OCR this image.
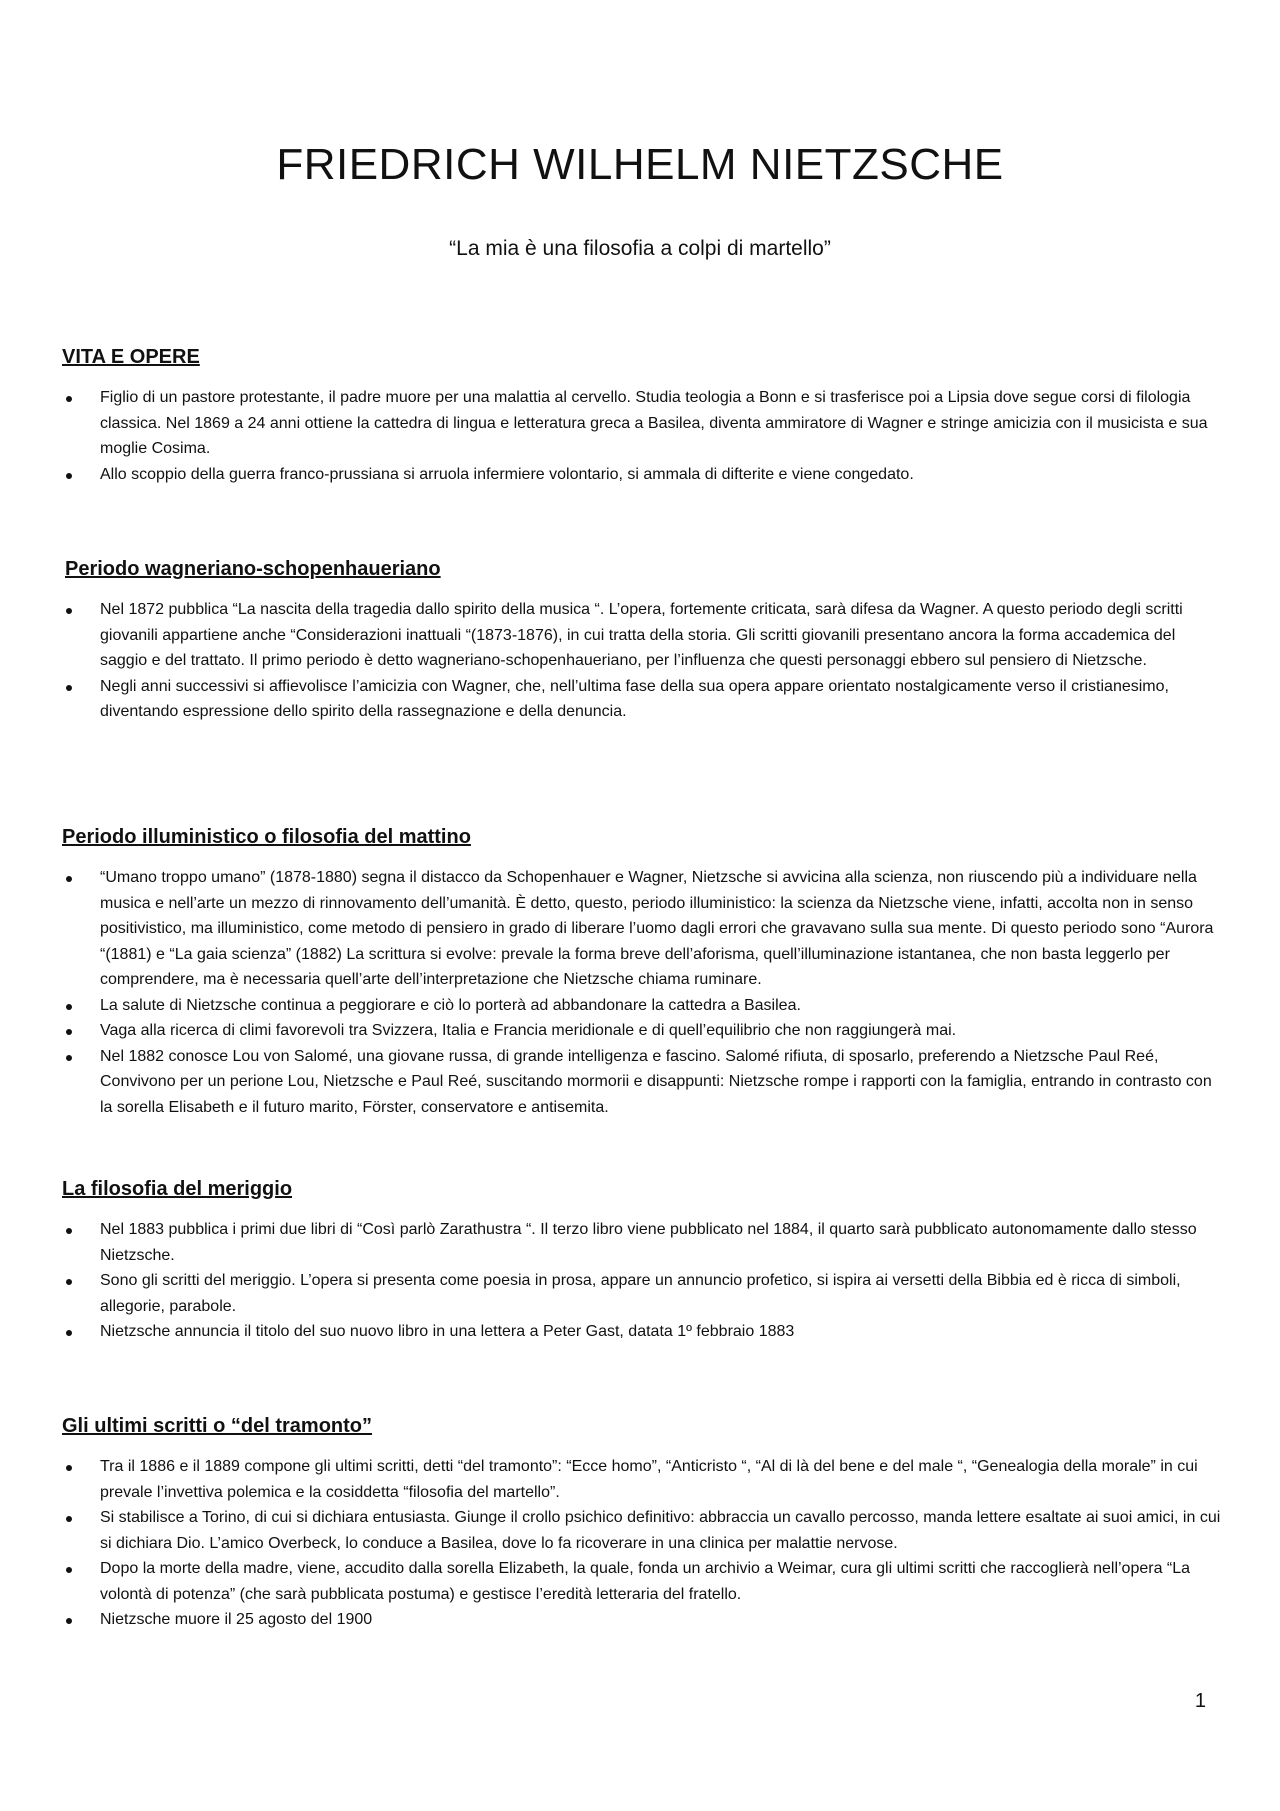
FRIEDRICH WILHELM NIETZSCHE

“La mia è una filosofia a colpi di martello”

VITA E OPERE
Figlio di un pastore protestante, il padre muore per una malattia al cervello. Studia teologia a Bonn e si trasferisce poi a Lipsia dove segue corsi di filologia classica. Nel 1869 a 24 anni ottiene la cattedra di lingua e letteratura greca a Basilea, diventa ammiratore di Wagner e stringe amicizia con il musicista e sua moglie Cosima.
Allo scoppio della guerra franco-prussiana si arruola infermiere volontario, si ammala di difterite e viene congedato.
Periodo wagneriano-schopenhaueriano
Nel 1872 pubblica “La nascita della tragedia dallo spirito della musica “. L’opera, fortemente criticata, sarà difesa da Wagner. A questo periodo degli scritti giovanili appartiene anche “Considerazioni inattuali “(1873-1876), in cui tratta della storia. Gli scritti giovanili presentano ancora la forma accademica del saggio e del trattato. Il primo periodo è detto wagneriano-schopenhaueriano, per l’influenza che questi personaggi ebbero sul pensiero di Nietzsche.
Negli anni successivi si affievolisce l’amicizia con Wagner, che, nell’ultima fase della sua opera appare orientato nostalgicamente verso il cristianesimo, diventando espressione dello spirito della rassegnazione e della denuncia.
Periodo illuministico o filosofia del mattino
“Umano troppo umano” (1878-1880) segna il distacco da Schopenhauer e Wagner, Nietzsche si avvicina alla scienza, non riuscendo più a individuare nella musica e nell’arte un mezzo di rinnovamento dell’umanità. È detto, questo, periodo illuministico: la scienza da Nietzsche viene, infatti, accolta non in senso positivistico, ma illuministico, come metodo di pensiero in grado di liberare l’uomo dagli errori che gravavano sulla sua mente. Di questo periodo sono “Aurora “(1881) e “La gaia scienza” (1882) La scrittura si evolve: prevale la forma breve dell’aforisma, quell’illuminazione istantanea, che non basta leggerlo per comprendere, ma è necessaria quell’arte dell’interpretazione che Nietzsche chiama ruminare.
La salute di Nietzsche continua a peggiorare e ciò lo porterà ad abbandonare la cattedra a Basilea.
Vaga alla ricerca di climi favorevoli tra Svizzera, Italia e Francia meridionale e di quell’equilibrio che non raggiungerà mai.
Nel 1882 conosce Lou von Salomé, una giovane russa, di grande intelligenza e fascino. Salomé rifiuta, di sposarlo, preferendo a Nietzsche Paul Reé, Convivono per un perione Lou, Nietzsche e Paul Reé, suscitando mormorii e disappunti: Nietzsche rompe i rapporti con la famiglia, entrando in contrasto con la sorella Elisabeth e il futuro marito, Förster, conservatore e antisemita.
La filosofia del meriggio
Nel 1883 pubblica i primi due libri di “Così parlò Zarathustra “. Il terzo libro viene pubblicato nel 1884, il quarto sarà pubblicato autonomamente dallo stesso Nietzsche.
Sono gli scritti del meriggio. L’opera si presenta come poesia in prosa, appare un annuncio profetico, si ispira ai versetti della Bibbia ed è ricca di simboli, allegorie, parabole.
Nietzsche annuncia il titolo del suo nuovo libro in una lettera a Peter Gast, datata 1º febbraio 1883
Gli ultimi scritti o “del tramonto”
Tra il 1886 e il 1889 compone gli ultimi scritti, detti “del tramonto”: “Ecce homo”, “Anticristo “, “Al di là del bene e del male “, “Genealogia della morale” in cui prevale l’invettiva polemica e la cosiddetta “filosofia del martello”.
Si stabilisce a Torino, di cui si dichiara entusiasta. Giunge il crollo psichico definitivo: abbraccia un cavallo percosso, manda lettere esaltate ai suoi amici, in cui si dichiara Dio. L’amico Overbeck, lo conduce a Basilea, dove lo fa ricoverare in una clinica per malattie nervose.
Dopo la morte della madre, viene, accudito dalla sorella Elizabeth, la quale, fonda un archivio a Weimar, cura gli ultimi scritti che raccoglierà nell’opera “La volontà di potenza” (che sarà pubblicata postuma) e gestisce l’eredità letteraria del fratello.
Nietzsche muore il 25 agosto del 1900
1
